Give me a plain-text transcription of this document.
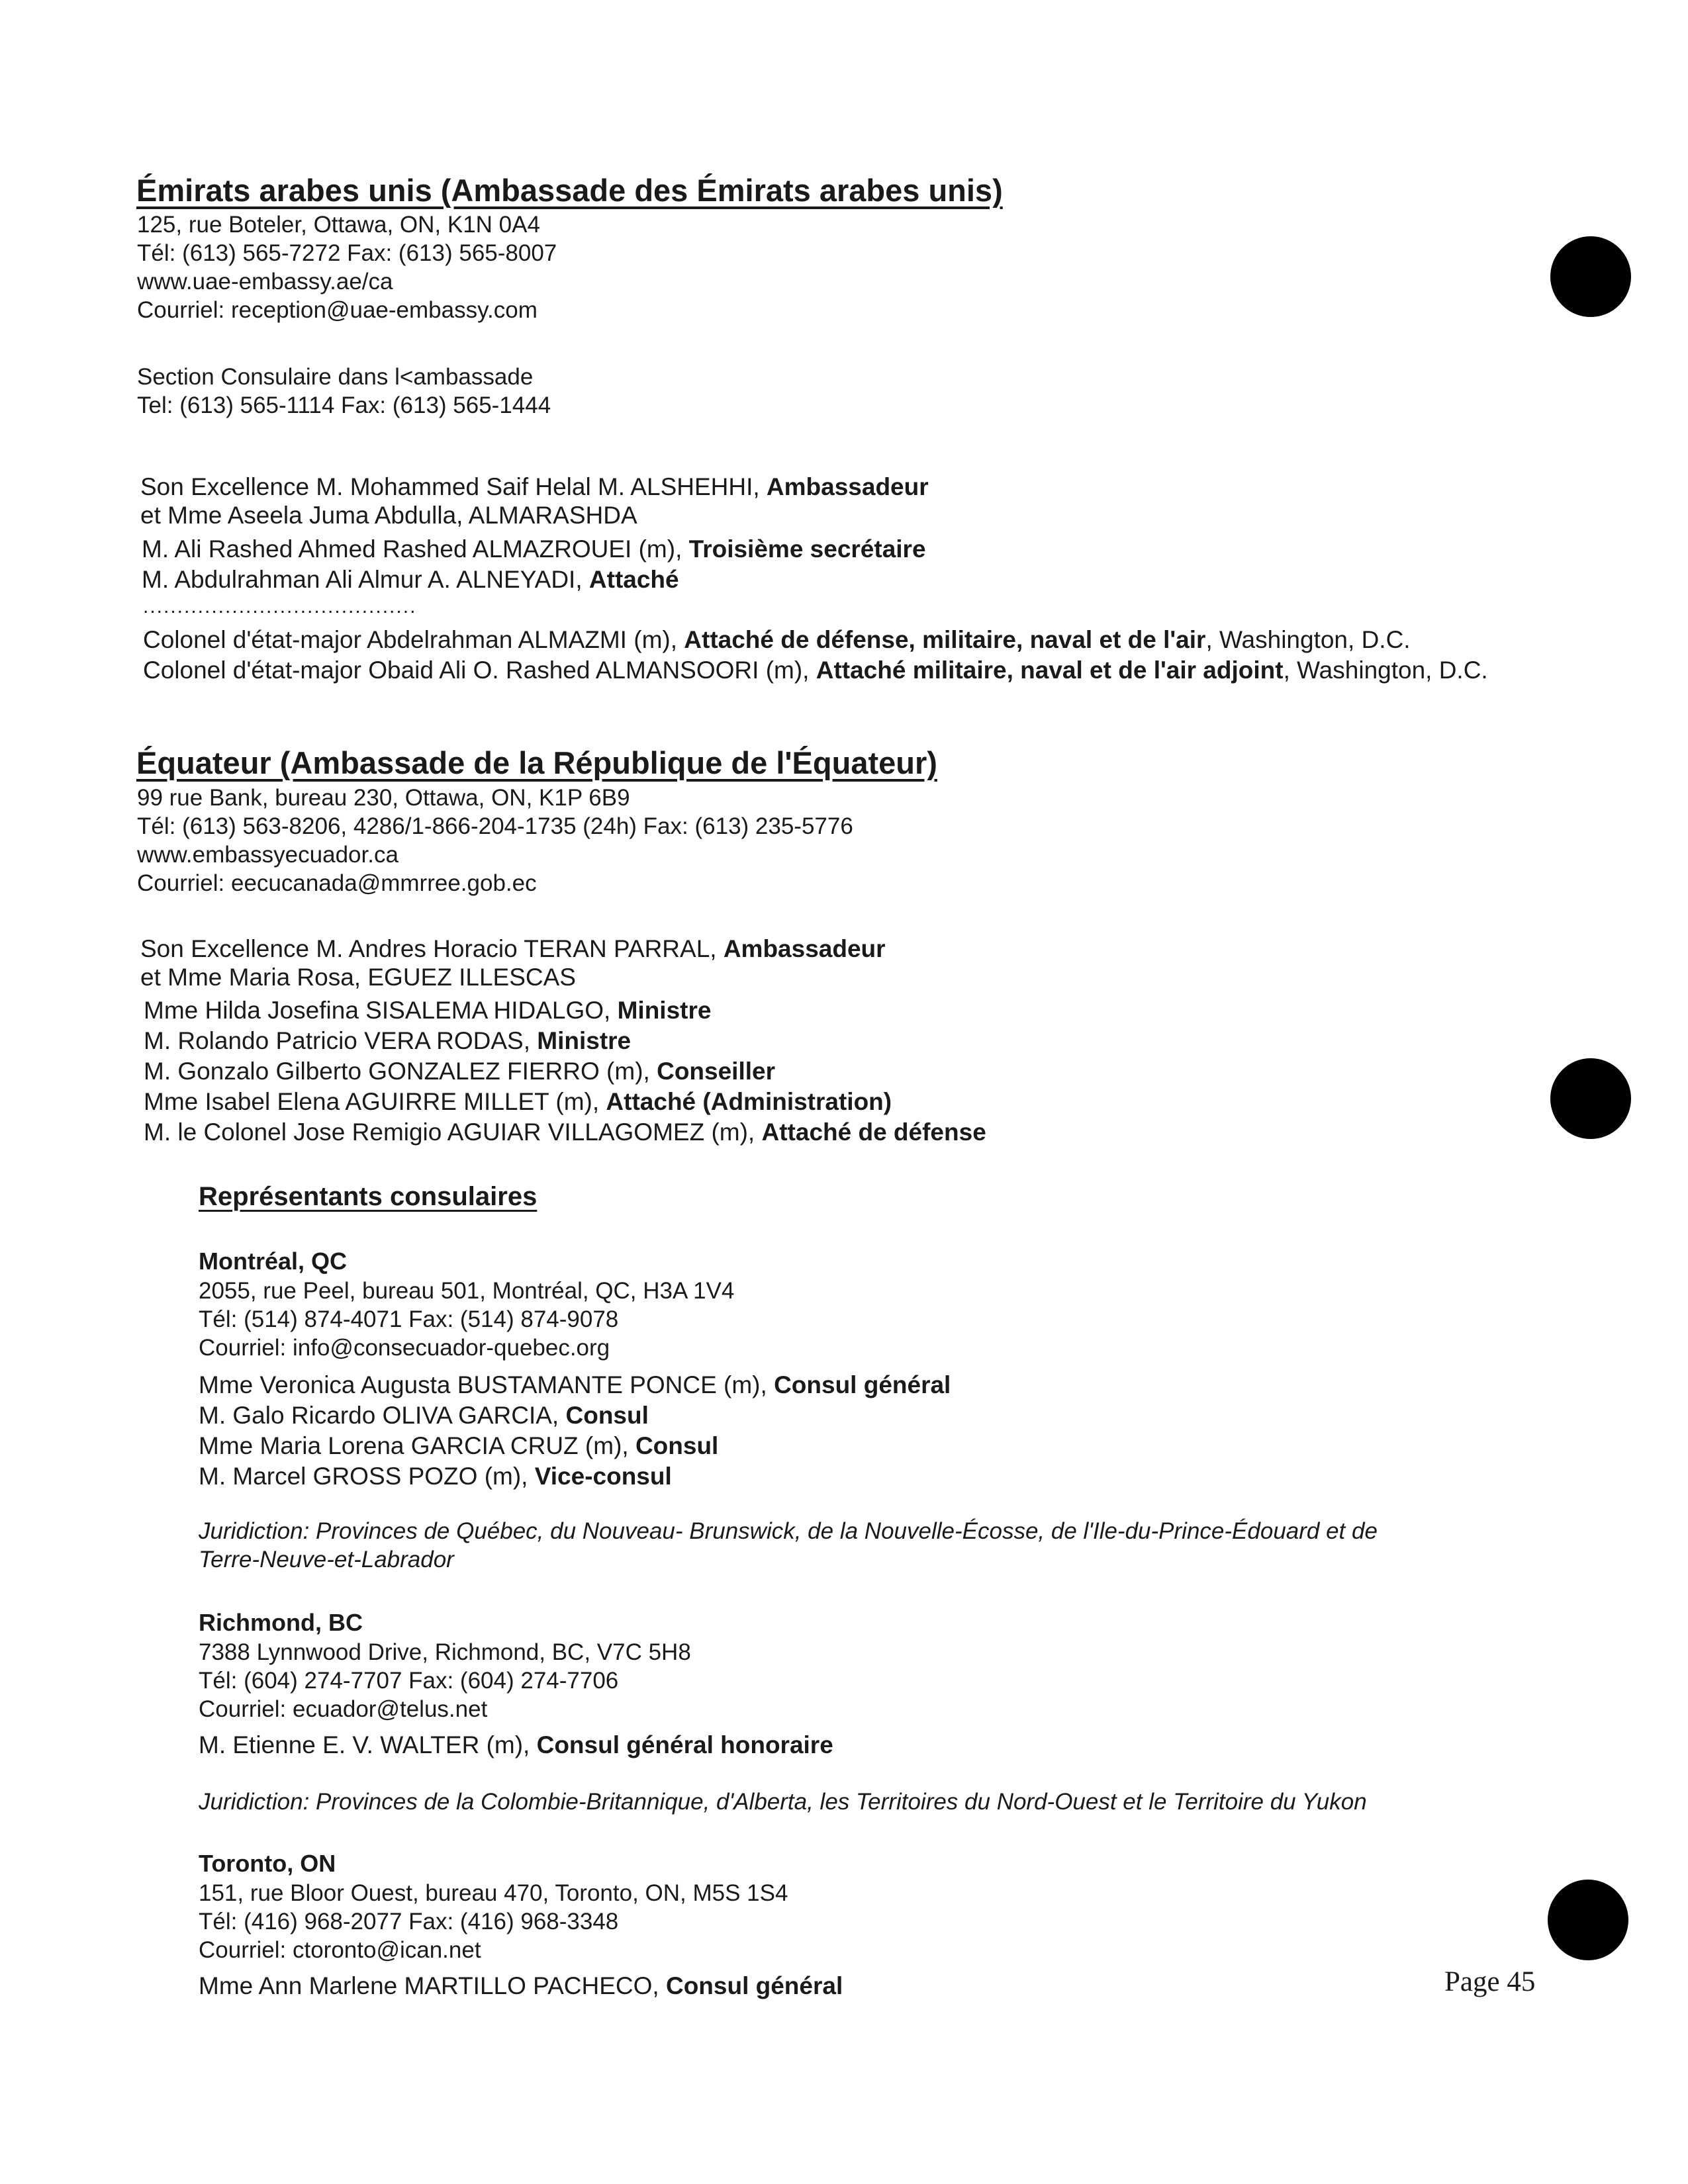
Émirats arabes unis (Ambassade des Émirats arabes unis)
125, rue Boteler, Ottawa, ON, K1N 0A4
Tél: (613) 565-7272 Fax: (613) 565-8007
www.uae-embassy.ae/ca
Courriel: reception@uae-embassy.com
Section Consulaire dans l<ambassade
Tel: (613) 565-1114 Fax: (613) 565-1444
Son Excellence M. Mohammed Saif Helal M. ALSHEHHI, Ambassadeur
et Mme Aseela Juma Abdulla, ALMARASHDA
M. Ali Rashed Ahmed Rashed ALMAZROUEI (m), Troisième secrétaire
M. Abdulrahman Ali Almur A. ALNEYADI, Attaché
........................................
Colonel d'état-major Abdelrahman ALMAZMI (m), Attaché de défense, militaire, naval et de l'air, Washington, D.C.
Colonel d'état-major Obaid Ali O. Rashed ALMANSOORI (m), Attaché militaire, naval et de l'air adjoint, Washington, D.C.
Équateur (Ambassade de la République de l'Équateur)
99 rue Bank, bureau 230, Ottawa, ON, K1P 6B9
Tél: (613) 563-8206, 4286/1-866-204-1735 (24h) Fax: (613) 235-5776
www.embassyecuador.ca
Courriel: eecucanada@mmrree.gob.ec
Son Excellence M. Andres Horacio TERAN PARRAL, Ambassadeur
et Mme Maria Rosa, EGUEZ ILLESCAS
Mme Hilda Josefina SISALEMA HIDALGO, Ministre
M. Rolando Patricio VERA RODAS, Ministre
M. Gonzalo Gilberto GONZALEZ FIERRO (m), Conseiller
Mme Isabel Elena AGUIRRE MILLET (m), Attaché (Administration)
M. le Colonel Jose Remigio AGUIAR VILLAGOMEZ (m), Attaché de défense
Représentants consulaires
Montréal, QC
2055, rue Peel, bureau 501, Montréal, QC, H3A 1V4
Tél: (514) 874-4071 Fax: (514) 874-9078
Courriel: info@consecuador-quebec.org
Mme Veronica Augusta BUSTAMANTE PONCE (m), Consul général
M. Galo Ricardo OLIVA GARCIA, Consul
Mme Maria Lorena GARCIA CRUZ (m), Consul
M. Marcel GROSS POZO (m), Vice-consul
Juridiction: Provinces de Québec, du Nouveau- Brunswick, de la Nouvelle-Écosse, de l'Ile-du-Prince-Édouard et de
Terre-Neuve-et-Labrador
Richmond, BC
7388 Lynnwood Drive, Richmond, BC, V7C 5H8
Tél: (604) 274-7707 Fax: (604) 274-7706
Courriel: ecuador@telus.net
M. Etienne E. V. WALTER (m), Consul général honoraire
Juridiction: Provinces de la Colombie-Britannique, d'Alberta, les Territoires du Nord-Ouest et le Territoire du Yukon
Toronto, ON
151, rue Bloor Ouest, bureau 470, Toronto, ON, M5S 1S4
Tél: (416) 968-2077 Fax: (416) 968-3348
Courriel: ctoronto@ican.net
Mme Ann Marlene MARTILLO PACHECO, Consul général	Page 45
